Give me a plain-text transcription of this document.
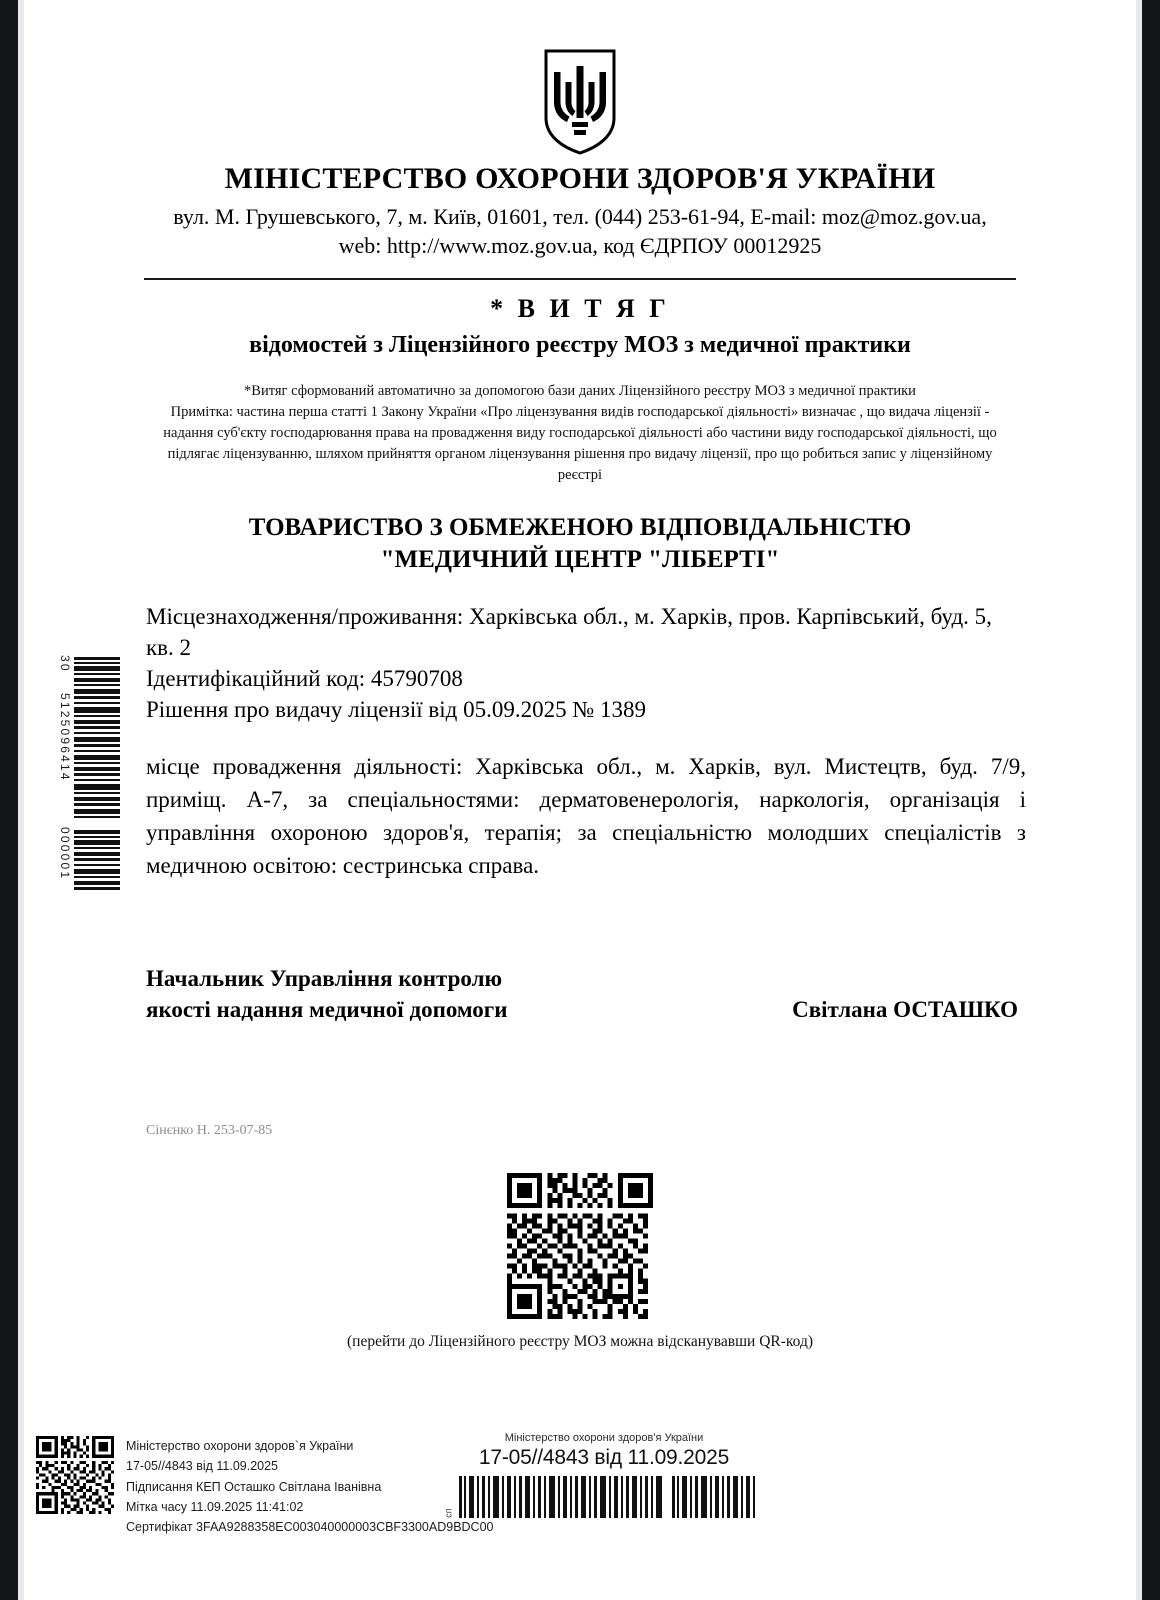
МІНІСТЕРСТВО ОХОРОНИ ЗДОРОВ'Я УКРАЇНИ
вул. М. Грушевського, 7, м. Київ, 01601, тел. (044) 253-61-94, E-mail: moz@moz.gov.ua,
web: http://www.moz.gov.ua, код ЄДРПОУ 00012925
* В И Т Я Г
відомостей з Ліцензійного реєстру МОЗ з медичної практики
*Витяг сформований автоматично за допомогою бази даних Ліцензійного реєстру МОЗ з медичної практики
Примітка: частина перша статті 1 Закону України «Про ліцензування видів господарської діяльності» визначає , що видача ліцензії -
надання суб'єкту господарювання права на провадження виду господарської діяльності або частини виду господарської діяльності, що
підлягає ліцензуванню, шляхом прийняття органом ліцензування рішення про видачу ліцензії, про що робиться запис у ліцензійному
реєстрі
ТОВАРИСТВО З ОБМЕЖЕНОЮ ВІДПОВІДАЛЬНІСТЮ
"МЕДИЧНИЙ ЦЕНТР "ЛІБЕРТІ"
Місцезнаходження/проживання: Харківська обл., м. Харків, пров. Карпівський, буд. 5, кв. 2
Ідентифікаційний код: 45790708
Рішення про видачу ліцензії від 05.09.2025 № 1389
місце провадження діяльності: Харківська обл., м. Харків, вул. Мистецтв, буд. 7/9, приміщ. А-7, за спеціальностями: дерматовенерологія, наркологія, організація і управління охороною здоров'я, терапія; за спеціальністю молодших спеціалістів з медичною освітою: сестринська справа.
Начальник Управління контролю
якості надання медичної допомоги	Світлана ОСТАШКО
Сінєнко Н. 253-07-85
(перейти до Ліцензійного реєстру МОЗ можна відсканувавши QR-код)
30
5125096414
000001
Міністерство охорони здоров`я України
17-05//4843 від 11.09.2025
Підписання КЕП Осташко Світлана Іванівна
Мітка часу 11.09.2025 11:41:02
Сертифікат 3FAA9288358EC003040000003CBF3300AD9BDC00
Міністерство охорони здоров'я України
17-05//4843 від 11.09.2025
сп
